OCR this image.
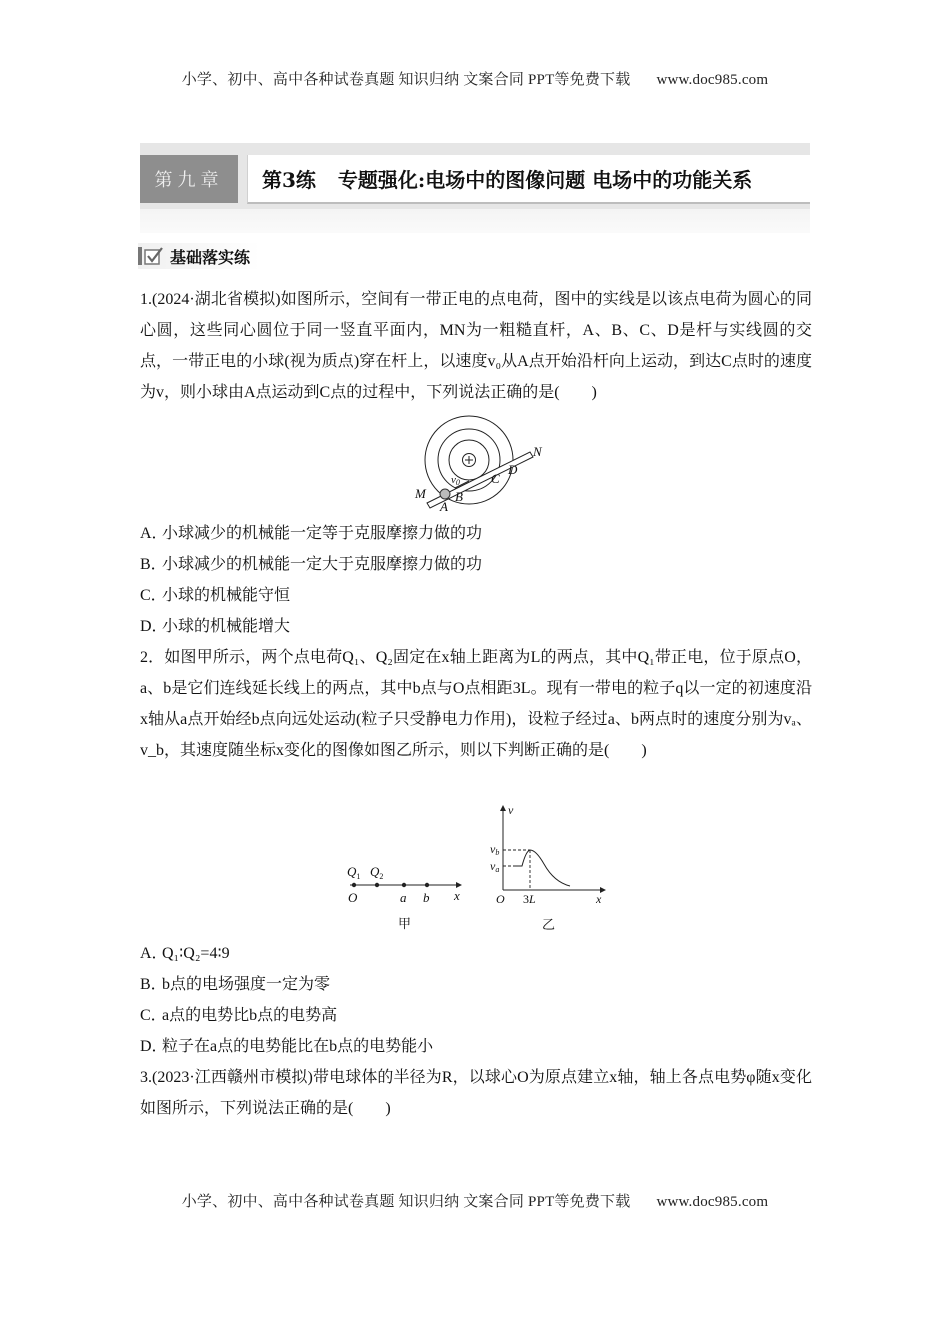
小学、初中、高中各种试卷真题 知识归纳 文案合同 PPT等免费下载 www.doc985.com
第九章	第3练 专题强化:电场中的图像问题 电场中的功能关系
基础落实练
1.(2024·湖北省模拟)如图所示，空间有一带正电的点电荷，图中的实线是以该点电荷为圆心的同心圆，这些同心圆位于同一竖直平面内，MN为一粗糙直杆，A、B、C、D是杆与实线圆的交点，一带正电的小球(视为质点)穿在杆上，以速度v₀从A点开始沿杆向上运动，到达C点时的速度为v，则小球由A点运动到C点的过程中，下列说法正确的是(　　)
M
N
A
B
C
D
v0
A．小球减少的机械能一定等于克服摩擦力做的功
B．小球减少的机械能一定大于克服摩擦力做的功
C．小球的机械能守恒
D．小球的机械能增大
2．如图甲所示，两个点电荷Q₁、Q₂固定在x轴上距离为L的两点，其中Q₁带正电，位于原点O，a、b是它们连线延长线上的两点，其中b点与O点相距3L。现有一带电的粒子q以一定的初速度沿x轴从a点开始经b点向远处运动(粒子只受静电力作用)，设粒子经过a、b两点时的速度分别为vₐ、v_b，其速度随坐标x变化的图像如图乙所示，则以下判断正确的是(　　)
$Q_1$ $Q_2$
O	a b x
甲
v
vb
va
O 3L	x
乙
A．Q₁∶Q₂=4∶9
B．b点的电场强度一定为零
C．a点的电势比b点的电势高
D．粒子在a点的电势能比在b点的电势能小
3.(2023·江西赣州市模拟)带电球体的半径为R，以球心O为原点建立x轴，轴上各点电势φ随x变化如图所示，下列说法正确的是(　　)
小学、初中、高中各种试卷真题 知识归纳 文案合同 PPT等免费下载 www.doc985.com
